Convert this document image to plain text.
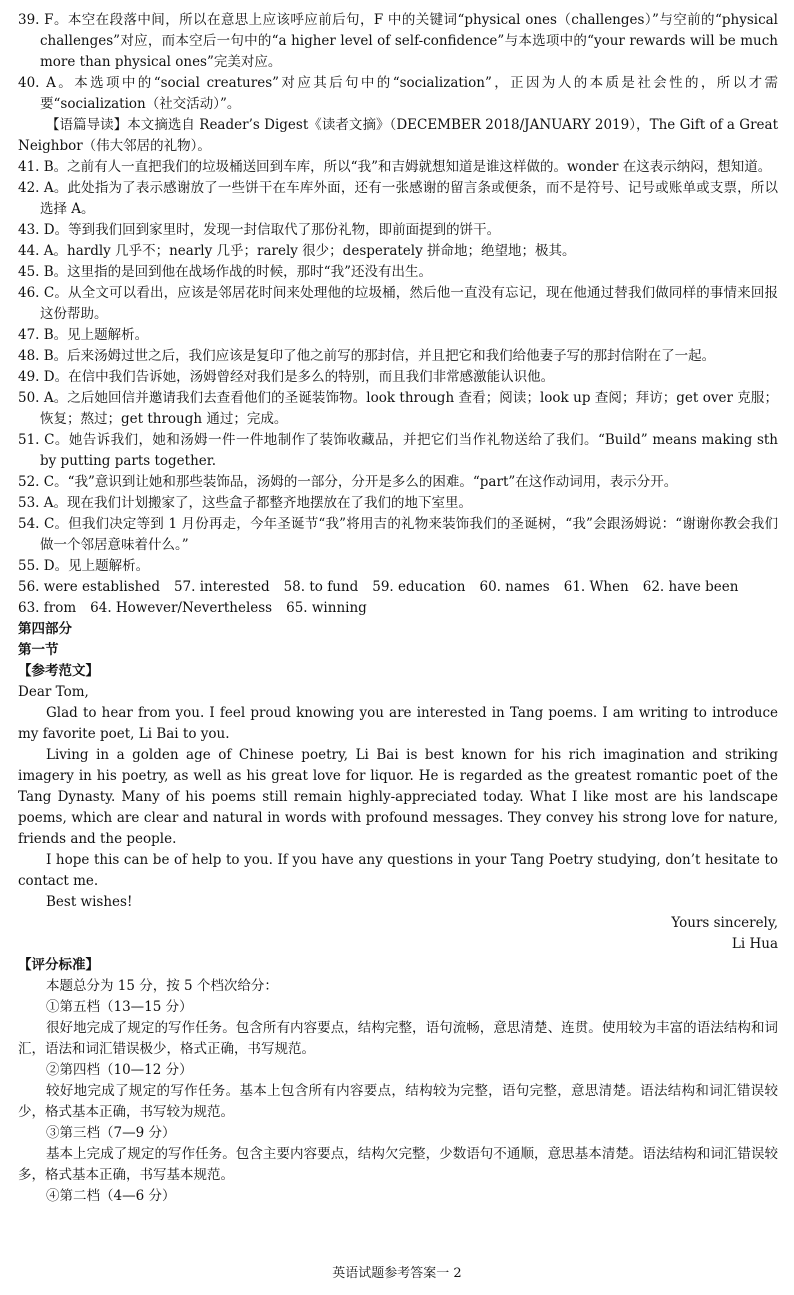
39. F。本空在段落中间，所以在意思上应该呼应前后句，F 中的关键词“physical ones（challenges）”与空前的“physical challenges”对应，而本空后一句中的“a higher level of self-confidence”与本选项中的“your rewards will be much more than physical ones”完美对应。

40. A。本选项中的“social creatures”对应其后句中的“socialization”，正因为人的本质是社会性的，所以才需要“socialization（社交活动）”。

【语篇导读】本文摘选自 Reader’s Digest《读者文摘》（DECEMBER 2018/JANUARY 2019），The Gift of a Great Neighbor（伟大邻居的礼物）。

41. B。之前有人一直把我们的垃圾桶送回到车库，所以“我”和吉姆就想知道是谁这样做的。wonder 在这表示纳闷，想知道。

42. A。此处指为了表示感谢放了一些饼干在车库外面，还有一张感谢的留言条或便条，而不是符号、记号或账单或支票，所以选择 A。

43. D。等到我们回到家里时，发现一封信取代了那份礼物，即前面提到的饼干。

44. A。hardly 几乎不；nearly 几乎；rarely 很少；desperately 拼命地；绝望地；极其。

45. B。这里指的是回到他在战场作战的时候，那时“我”还没有出生。

46. C。从全文可以看出，应该是邻居花时间来处理他的垃圾桶，然后他一直没有忘记，现在他通过替我们做同样的事情来回报这份帮助。

47. B。见上题解析。

48. B。后来汤姆过世之后，我们应该是复印了他之前写的那封信，并且把它和我们给他妻子写的那封信附在了一起。

49. D。在信中我们告诉她，汤姆曾经对我们是多么的特别，而且我们非常感激能认识他。

50. A。之后她回信并邀请我们去查看他们的圣诞装饰物。look through 查看；阅读；look up 查阅；拜访；get over 克服；恢复；熬过；get through 通过；完成。

51. C。她告诉我们，她和汤姆一件一件地制作了装饰收藏品，并把它们当作礼物送给了我们。“Build” means making sth by putting parts together.

52. C。“我”意识到让她和那些装饰品，汤姆的一部分，分开是多么的困难。“part”在这作动词用，表示分开。

53. A。现在我们计划搬家了，这些盒子都整齐地摆放在了我们的地下室里。

54. C。但我们决定等到 1 月份再走，今年圣诞节“我”将用吉的礼物来装饰我们的圣诞树，“我”会跟汤姆说：“谢谢你教会我们做一个邻居意味着什么。”

55. D。见上题解析。

56. were established 57. interested 58. to fund 59. education 60. names 61. When 62. have been
63. from 64. However/Nevertheless 65. winning

第四部分

第一节

【参考范文】

Dear Tom,

Glad to hear from you. I feel proud knowing you are interested in Tang poems. I am writing to introduce my favorite poet, Li Bai to you.

Living in a golden age of Chinese poetry, Li Bai is best known for his rich imagination and striking imagery in his poetry, as well as his great love for liquor. He is regarded as the greatest romantic poet of the Tang Dynasty. Many of his poems still remain highly-appreciated today. What I like most are his landscape poems, which are clear and natural in words with profound messages. They convey his strong love for nature, friends and the people.

I hope this can be of help to you. If you have any questions in your Tang Poetry studying, don’t hesitate to contact me.

Best wishes!

Yours sincerely,

Li Hua

【评分标准】

本题总分为 15 分，按 5 个档次给分：

①第五档（13—15 分）

很好地完成了规定的写作任务。包含所有内容要点，结构完整，语句流畅，意思清楚、连贯。使用较为丰富的语法结构和词汇，语法和词汇错误极少，格式正确，书写规范。

②第四档（10—12 分）

较好地完成了规定的写作任务。基本上包含所有内容要点，结构较为完整，语句完整，意思清楚。语法结构和词汇错误较少，格式基本正确，书写较为规范。

③第三档（7—9 分）

基本上完成了规定的写作任务。包含主要内容要点，结构欠完整，少数语句不通顺，意思基本清楚。语法结构和词汇错误较多，格式基本正确，书写基本规范。

④第二档（4—6 分）

英语试题参考答案一 2
